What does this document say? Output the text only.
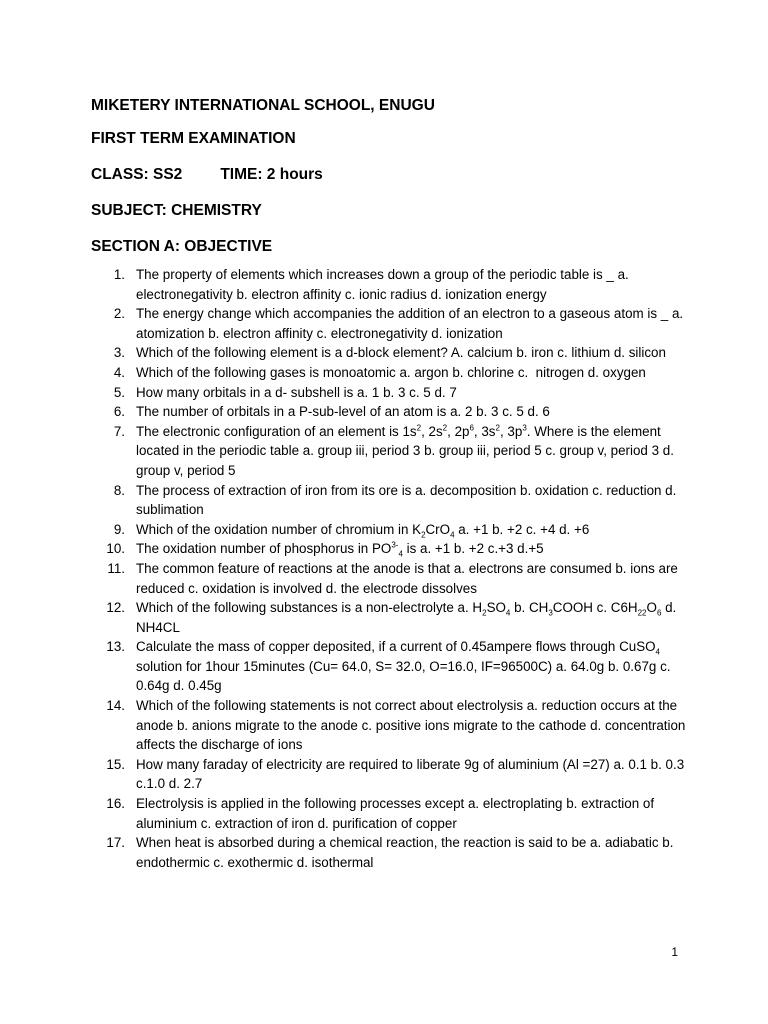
MIKETERY INTERNATIONAL SCHOOL, ENUGU
FIRST TERM EXAMINATION
CLASS: SS2 TIME: 2 hours
SUBJECT: CHEMISTRY
SECTION A: OBJECTIVE
1. The property of elements which increases down a group of the periodic table is _ a. electronegativity b. electron affinity c. ionic radius d. ionization energy
2. The energy change which accompanies the addition of an electron to a gaseous atom is _ a. atomization b. electron affinity c. electronegativity d. ionization
3. Which of the following element is a d-block element? A. calcium b. iron c. lithium d. silicon
4. Which of the following gases is monoatomic a. argon b. chlorine c.  nitrogen d. oxygen
5. How many orbitals in a d- subshell is a. 1 b. 3 c. 5 d. 7
6. The number of orbitals in a P-sub-level of an atom is a. 2 b. 3 c. 5 d. 6
7. The electronic configuration of an element is $1s^2$, $2s^2$, $2p^6$, $3s^2$, $3p^3$. Where is the element located in the periodic table a. group iii, period 3 b. group iii, period 5 c. group v, period 3 d. group v, period 5
8. The process of extraction of iron from its ore is a. decomposition b. oxidation c. reduction d. sublimation
9. Which of the oxidation number of chromium in $K_2CrO_4$ a. +1 b. +2 c. +4 d. +6
10. The oxidation number of phosphorus in $PO^{3-}_4$ is a. +1 b. +2 c.+3 d.+5
11. The common feature of reactions at the anode is that a. electrons are consumed b. ions are reduced c. oxidation is involved d. the electrode dissolves
12. Which of the following substances is a non-electrolyte a. $H_2SO_4$ b. $CH_3COOH$ c. $C6H_{22}O_6$ d. NH4CL
13. Calculate the mass of copper deposited, if a current of 0.45ampere flows through CuSO$_4$ solution for 1hour 15minutes (Cu= 64.0, S= 32.0, O=16.0, IF=96500C) a. 64.0g b. 0.67g c. 0.64g d. 0.45g
14. Which of the following statements is not correct about electrolysis a. reduction occurs at the anode b. anions migrate to the anode c. positive ions migrate to the cathode d. concentration affects the discharge of ions
15. How many faraday of electricity are required to liberate 9g of aluminium (Al =27) a. 0.1 b. 0.3 c.1.0 d. 2.7
16. Electrolysis is applied in the following processes except a. electroplating b. extraction of aluminium c. extraction of iron d. purification of copper
17. When heat is absorbed during a chemical reaction, the reaction is said to be a. adiabatic b. endothermic c. exothermic d. isothermal
1
